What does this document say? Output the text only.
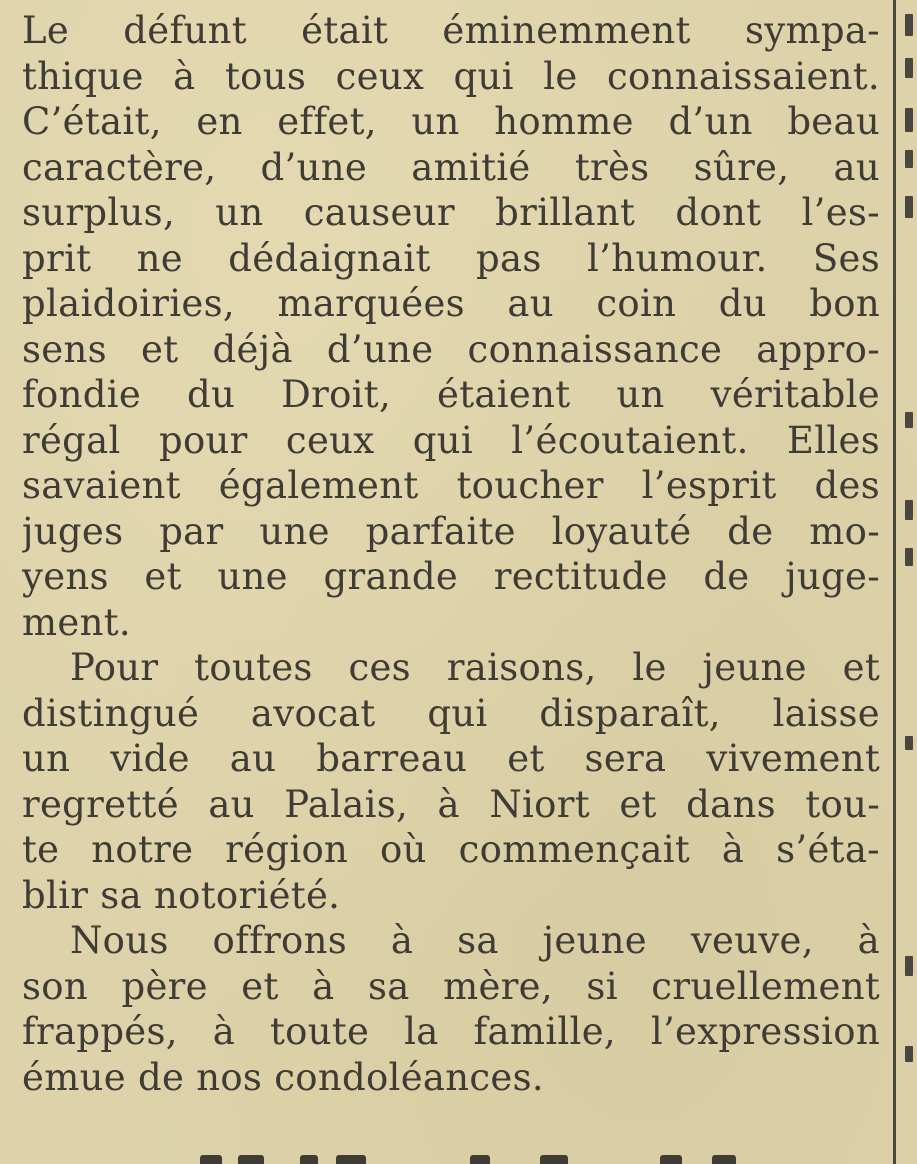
Le défunt était éminemment sympa-
thique à tous ceux qui le connaissaient.
C’était, en effet, un homme d’un beau
caractère, d’une amitié très sûre, au
surplus, un causeur brillant dont l’es-
prit ne dédaignait pas l’humour. Ses
plaidoiries, marquées au coin du bon
sens et déjà d’une connaissance appro-
fondie du Droit, étaient un véritable
régal pour ceux qui l’écoutaient. Elles
savaient également toucher l’esprit des
juges par une parfaite loyauté de mo-
yens et une grande rectitude de juge-
ment.
Pour toutes ces raisons, le jeune et
distingué avocat qui disparaît, laisse
un vide au barreau et sera vivement
regretté au Palais, à Niort et dans tou-
te notre région où commençait à s’éta-
blir sa notoriété.
Nous offrons à sa jeune veuve, à
son père et à sa mère, si cruellement
frappés, à toute la famille, l’expression
émue de nos condoléances.
